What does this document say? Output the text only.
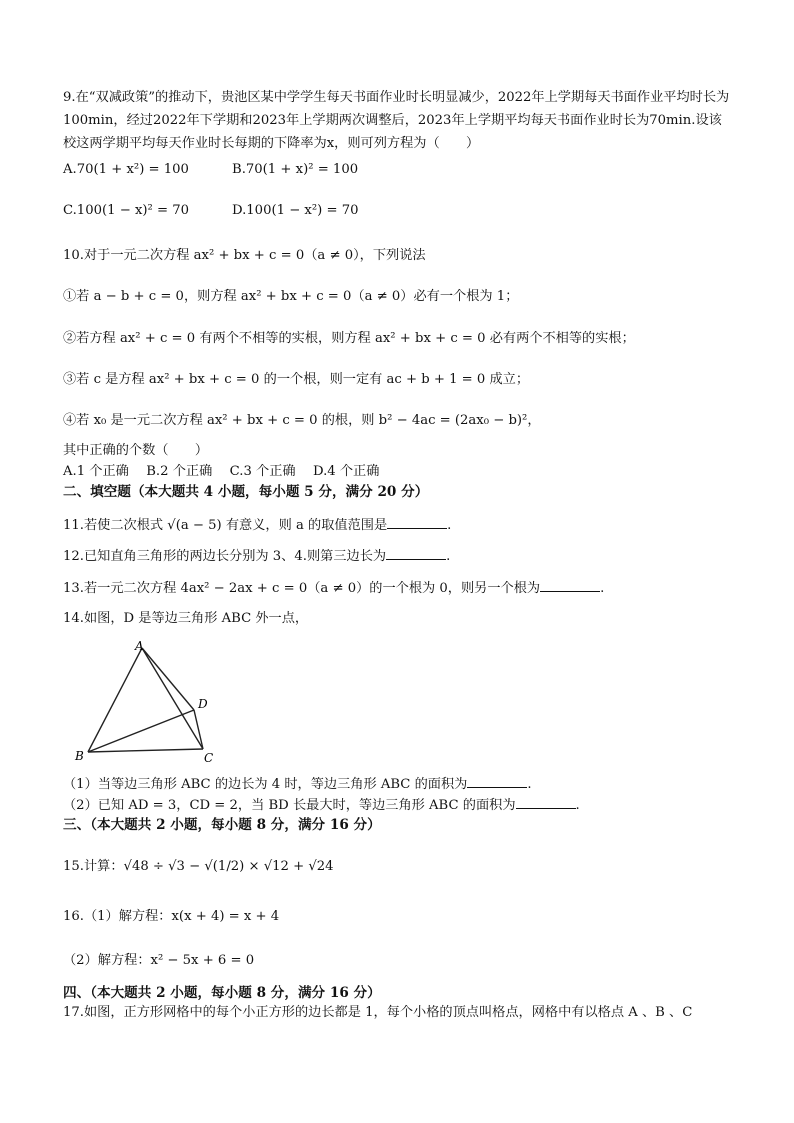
9.在“双减政策”的推动下，贵池区某中学学生每天书面作业时长明显减少，2022年上学期每天书面作业平均时长为100min，经过2022年下学期和2023年上学期两次调整后，2023年上学期平均每天书面作业时长为70min.设该校这两学期平均每天作业时长每期的下降率为x，则可列方程为（　　）
A.70(1 + x²) = 100	B.70(1 + x)² = 100
C.100(1 − x)² = 70	D.100(1 − x²) = 70
10.对于一元二次方程 ax² + bx + c = 0（a ≠ 0），下列说法
①若 a − b + c = 0，则方程 ax² + bx + c = 0（a ≠ 0）必有一个根为 1；
②若方程 ax² + c = 0 有两个不相等的实根，则方程 ax² + bx + c = 0 必有两个不相等的实根；
③若 c 是方程 ax² + bx + c = 0 的一个根，则一定有 ac + b + 1 = 0 成立；
④若 x₀ 是一元二次方程 ax² + bx + c = 0 的根，则 b² − 4ac = (2ax₀ − b)²，
其中正确的个数（　　）
A.1 个正确　 B.2 个正确　 C.3 个正确　 D.4 个正确
二、填空题（本大题共 4 小题，每小题 5 分，满分 20 分）
11.若使二次根式 √(a − 5) 有意义，则 a 的取值范围是	.
12.已知直角三角形的两边长分别为 3、4.则第三边长为	.
13.若一元二次方程 4ax² − 2ax + c = 0（a ≠ 0）的一个根为 0，则另一个根为	.
14.如图，D 是等边三角形 ABC 外一点，
A
B	C
D
（1）当等边三角形 ABC 的边长为 4 时，等边三角形 ABC 的面积为	.
（2）已知 AD = 3，CD = 2，当 BD 长最大时，等边三角形 ABC 的面积为	.
三、（本大题共 2 小题，每小题 8 分，满分 16 分）
15.计算：√48 ÷ √3 − √(1/2) × √12 + √24
16.（1）解方程：x(x + 4) = x + 4
（2）解方程：x² − 5x + 6 = 0
四、（本大题共 2 小题，每小题 8 分，满分 16 分）
17.如图，正方形网格中的每个小正方形的边长都是 1，每个小格的顶点叫格点，网格中有以格点 A 、B 、C
